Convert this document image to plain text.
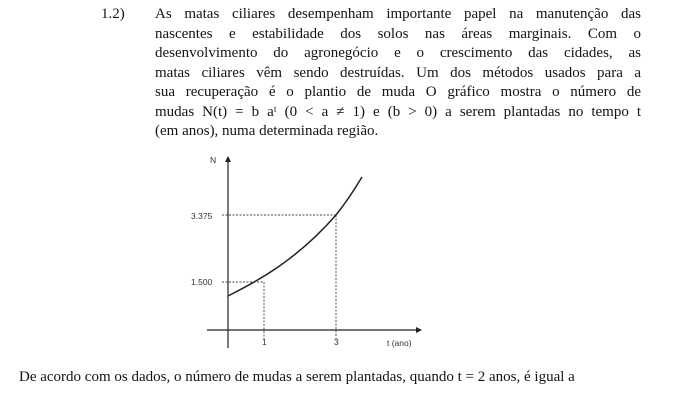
1.2) As matas ciliares desempenham importante papel na manutenção das
nascentes e estabilidade dos solos nas áreas marginais. Com o
desenvolvimento do agronegócio e o crescimento das cidades, as
matas ciliares vêm sendo destruídas. Um dos métodos usados para a
sua recuperação é o plantio de muda O gráfico mostra o número de
mudas N(t) = b aᵗ (0 < a ≠ 1) e (b > 0) a serem plantadas no tempo t
(em anos), numa determinada região.
N
t (ano)
3.375
1.500
1	3
De acordo com os dados, o número de mudas a serem plantadas, quando t = 2 anos, é igual a
